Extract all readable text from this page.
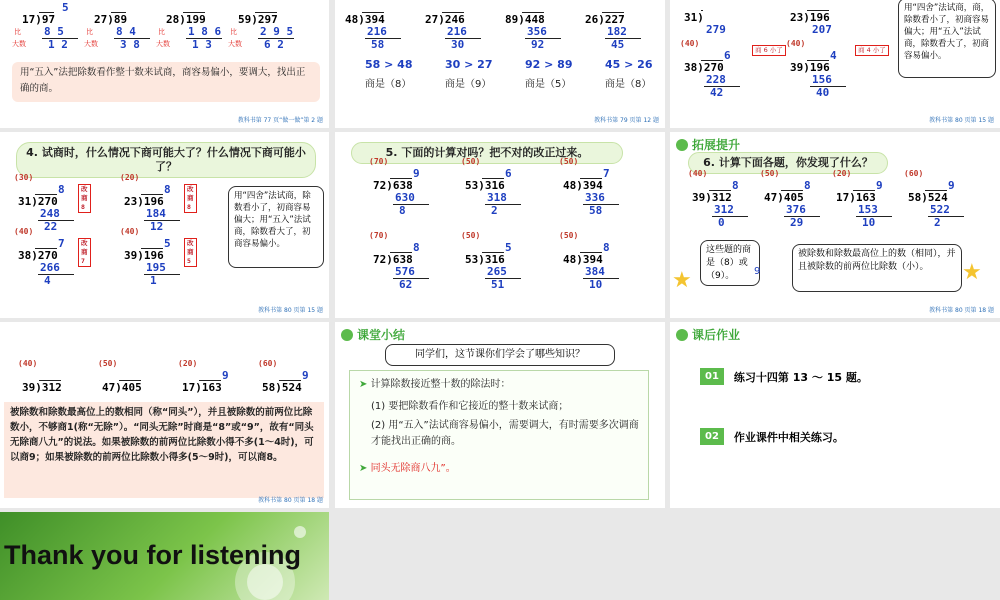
5
17)97
8 5
1 2
比
大数
27)89
8 4
3 8
比
大数
28)199
1 8 6
1 3
比
大数
59)297
2 9 5
6 2
比
大数
用“五入”法把除数看作整十数来试商，商容易偏小，要调大，找出正确的商。
教科书第 77 页“做一做”第 2 题
48)394
216
58
27)246
216
30
89)448
356
92
26)227
182
45
58 > 48	30 > 27	92 > 89	45 > 26
商是（8）	商是（9）	商是（5）	商是（8）
教科书第 79 页第 12 题
31)
279
23)196
207
(40)
6
38)270
228
42
(40)
4
39)196
156
40
商 6 小了	商 4 小了
用“四舍”法试商，商，除数看小了，初商容易偏大；用“五入”法试商，除数看大了，初商容易偏小。
教科书第 80 页第 15 题
4. 试商时，什么情况下商可能大了？什么情况下商可能小了？
(30)
8
31)270
248
22
改商 8
(20)
8
23)196
184
12
改商 8
(40)
7
38)270
266
4
改商 7
(40)
5
39)196
195
1
改商 5
用“四舍”法试商，除数看小了，初商容易偏大；用“五入”法试商，除数看大了，初商容易偏小。
教科书第 80 页第 15 题
5. 下面的计算对吗？把不对的改正过来。
(70)
9
72)638
630
8
(50)
6
53)316
318
2
(50)
7
48)394
336
58
(70)
8
72)638
576
62
(50)
5
53)316
265
51
(50)
8
48)394
384
10
拓展提升
6. 计算下面各题，你发现了什么？
(40)
8
39)312
312
0
(50)
8
47)405
376
29
(20)
9
17)163
153
10
(60)
9
58)524
522
2
★
这些题的商是（8）或（9）。	9
被除数和除数最高位上的数（相同），并且被除数的前两位比除数（小）。	★
教科书第 80 页第 18 题
(40)
39)312
(50)
47)405
(20)
9
17)163
(60)
9
58)524
被除数和除数最高位上的数相同（称“同头”），并且被除数的前两位比除数小，不够商1(称“无除”）。“同头无除”时商是“8”或“9”，故有“同头无除商八九”的说法。如果被除数的前两位比除数小得不多(1～4时)，可以商9；如果被除数的前两位比除数小得多(5～9时)，可以商8。
教科书第 80 页第 18 题
课堂小结
同学们，这节课你们学会了哪些知识？
➤ 计算除数接近整十数的除法时：
(1) 要把除数看作和它接近的整十数来试商；
(2) 用“五入”法试商容易偏小，需要调大，有时需要多次调商才能找出正确的商。
➤ 同头无除商八九”。
课后作业
01	练习十四第 13 ～ 15 题。
02	作业课件中相关练习。
Thank you for listening
